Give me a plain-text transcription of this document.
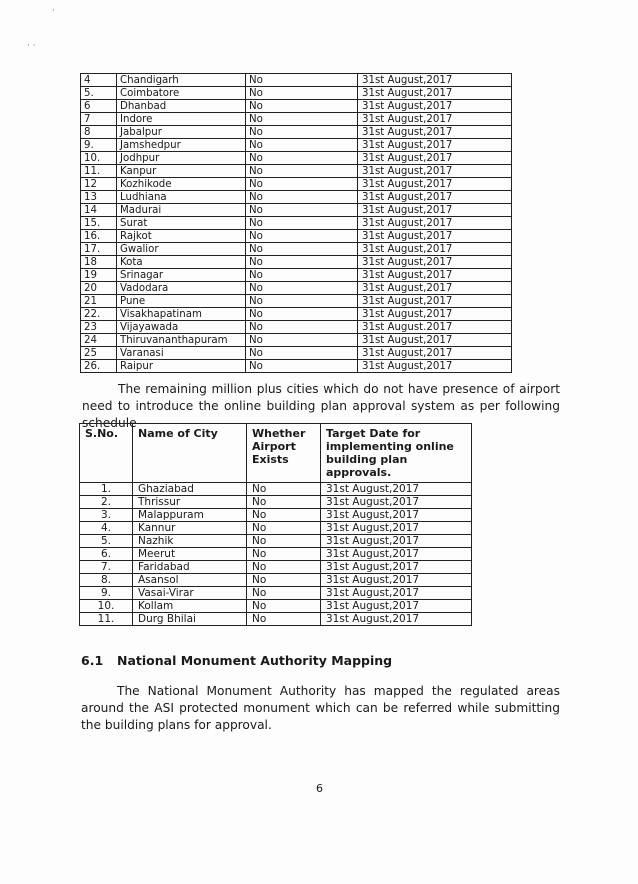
·
· ·
4	Chandigarh	No	31st August,2017
5.	Coimbatore	No	31st August,2017
6	Dhanbad	No	31st August,2017
7	Indore	No	31st August,2017
8	Jabalpur	No	31st August,2017
9.	Jamshedpur	No	31st August,2017
10.	Jodhpur	No	31st August,2017
11.	Kanpur	No	31st August,2017
12	Kozhikode	No	31st August,2017
13	Ludhiana	No	31st August,2017
14	Madurai	No	31st August,2017
15.	Surat	No	31st August,2017
16.	Rajkot	No	31st August,2017
17.	Gwalior	No	31st August,2017
18	Kota	No	31st August,2017
19	Srinagar	No	31st August,2017
20	Vadodara	No	31st August,2017
21	Pune	No	31st August,2017
22.	Visakhapatinam	No	31st August,2017
23	Vijayawada	No	31st August.2017
24	Thiruvananthapuram	No	31st August,2017
25	Varanasi	No	31st August,2017
26.	Raipur	No	31st August,2017
The remaining million plus cities which do not have presence of airport need to introduce the online building plan approval system as per following schedule
S.No.	Name of City	Whether Airport Exists	Target Date for implementing online building plan approvals.
1.	Ghaziabad	No	31st August,2017
2.	Thrissur	No	31st August,2017
3.	Malappuram	No	31st August,2017
4.	Kannur	No	31st August,2017
5.	Nazhik	No	31st August,2017
6.	Meerut	No	31st August,2017
7.	Faridabad	No	31st August,2017
8.	Asansol	No	31st August,2017
9.	Vasai-Virar	No	31st August,2017
10.	Kollam	No	31st August,2017
11.	Durg Bhilai	No	31st August,2017
6.1 National Monument Authority Mapping
The National Monument Authority has mapped the regulated areas around the ASI protected monument which can be referred while submitting the building plans for approval.
6
